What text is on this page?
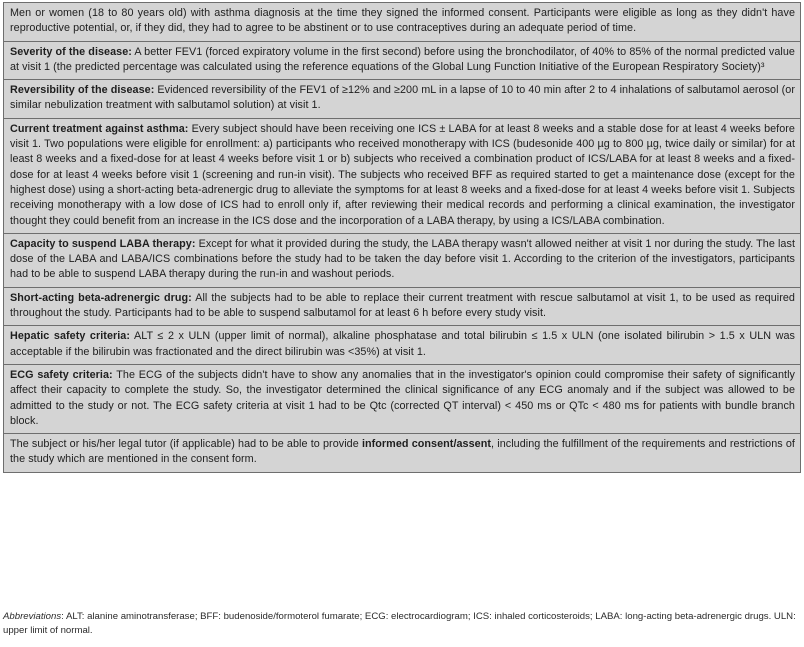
Men or women (18 to 80 years old) with asthma diagnosis at the time they signed the informed consent. Participants were eligible as long as they didn't have reproductive potential, or, if they did, they had to agree to be abstinent or to use contraceptives during an adequate period of time.
Severity of the disease: A better FEV1 (forced expiratory volume in the first second) before using the bronchodilator, of 40% to 85% of the normal predicted value at visit 1 (the predicted percentage was calculated using the reference equations of the Global Lung Function Initiative of the European Respiratory Society)³
Reversibility of the disease: Evidenced reversibility of the FEV1 of ≥12% and ≥200 mL in a lapse of 10 to 40 min after 2 to 4 inhalations of salbutamol aerosol (or similar nebulization treatment with salbutamol solution) at visit 1.
Current treatment against asthma: Every subject should have been receiving one ICS ± LABA for at least 8 weeks and a stable dose for at least 4 weeks before visit 1. Two populations were eligible for enrollment: a) participants who received monotherapy with ICS (budesonide 400 µg to 800 µg, twice daily or similar) for at least 8 weeks and a fixed-dose for at least 4 weeks before visit 1 or b) subjects who received a combination product of ICS/LABA for at least 8 weeks and a fixed-dose for at least 4 weeks before visit 1 (screening and run-in visit). The subjects who received BFF as required started to get a maintenance dose (except for the highest dose) using a short-acting beta-adrenergic drug to alleviate the symptoms for at least 8 weeks and a fixed-dose for at least 4 weeks before visit 1. Subjects receiving monotherapy with a low dose of ICS had to enroll only if, after reviewing their medical records and performing a clinical examination, the investigator thought they could benefit from an increase in the ICS dose and the incorporation of a LABA therapy, by using a ICS/LABA combination.
Capacity to suspend LABA therapy: Except for what it provided during the study, the LABA therapy wasn't allowed neither at visit 1 nor during the study. The last dose of the LABA and LABA/ICS combinations before the study had to be taken the day before visit 1. According to the criterion of the investigators, participants had to be able to suspend LABA therapy during the run-in and washout periods.
Short-acting beta-adrenergic drug: All the subjects had to be able to replace their current treatment with rescue salbutamol at visit 1, to be used as required throughout the study. Participants had to be able to suspend salbutamol for at least 6 h before every study visit.
Hepatic safety criteria: ALT ≤ 2 x ULN (upper limit of normal), alkaline phosphatase and total bilirubin ≤ 1.5 x ULN (one isolated bilirubin > 1.5 x ULN was acceptable if the bilirubin was fractionated and the direct bilirubin was <35%) at visit 1.
ECG safety criteria: The ECG of the subjects didn't have to show any anomalies that in the investigator's opinion could compromise their safety of significantly affect their capacity to complete the study. So, the investigator determined the clinical significance of any ECG anomaly and if the subject was allowed to be admitted to the study or not. The ECG safety criteria at visit 1 had to be Qtc (corrected QT interval) < 450 ms or QTc < 480 ms for patients with bundle branch block.
The subject or his/her legal tutor (if applicable) had to be able to provide informed consent/assent, including the fulfillment of the requirements and restrictions of the study which are mentioned in the consent form.
Abbreviations: ALT: alanine aminotransferase; BFF: budenoside/formoterol fumarate; ECG: electrocardiogram; ICS: inhaled corticosteroids; LABA: long-acting beta-adrenergic drugs. ULN: upper limit of normal.
